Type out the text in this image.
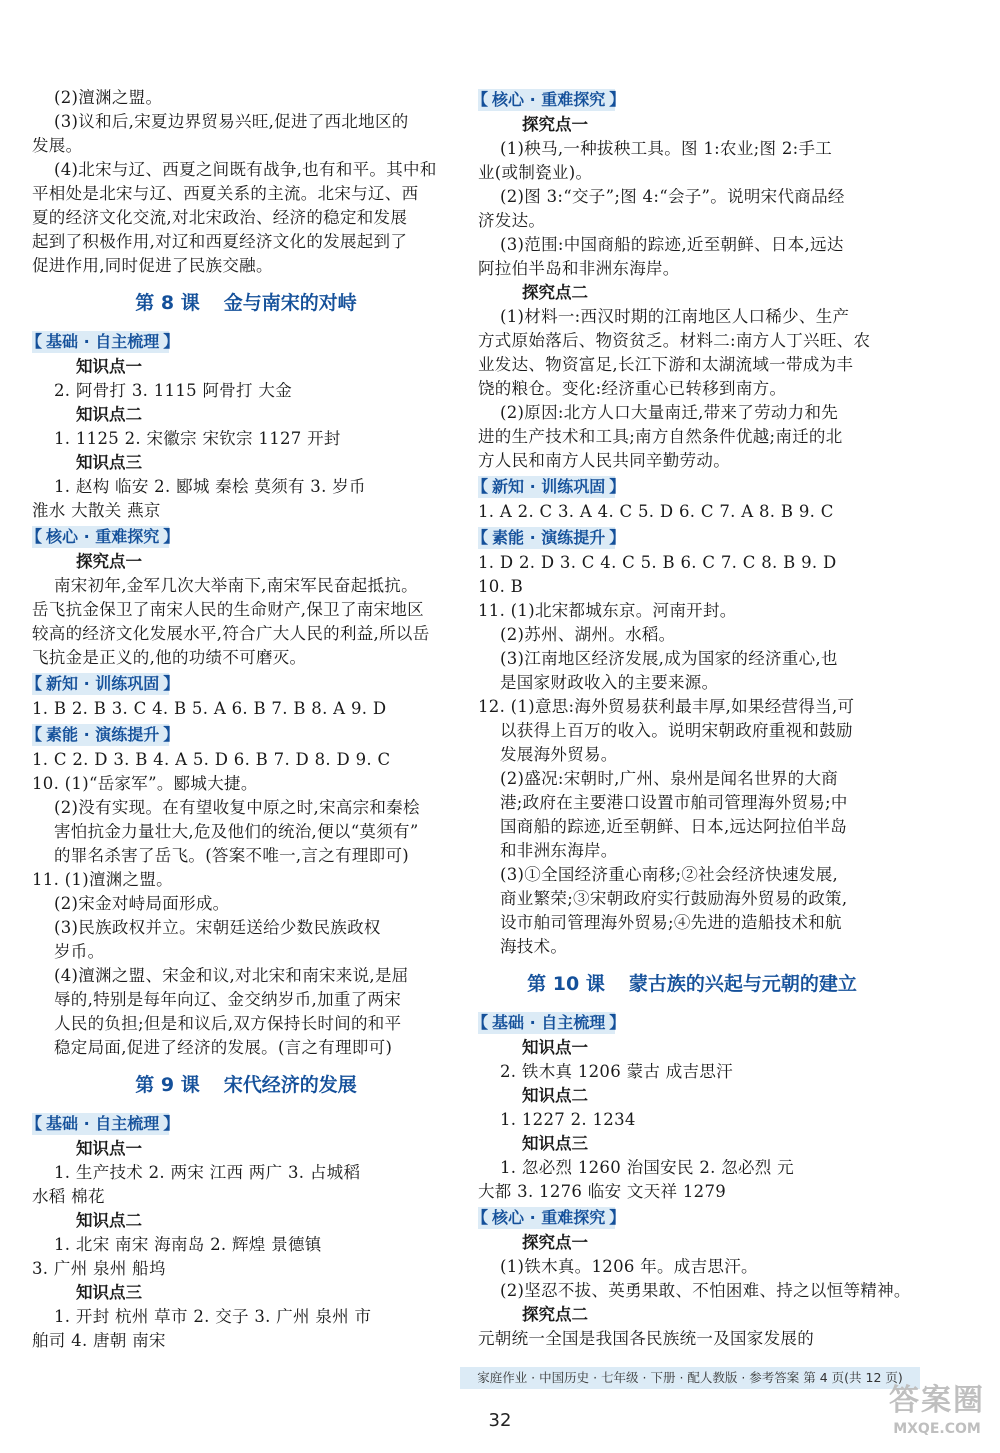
(2)澶渊之盟。
(3)议和后,宋夏边界贸易兴旺,促进了西北地区的
发展。
(4)北宋与辽、西夏之间既有战争,也有和平。其中和
平相处是北宋与辽、西夏关系的主流。北宋与辽、西
夏的经济文化交流,对北宋政治、经济的稳定和发展
起到了积极作用,对辽和西夏经济文化的发展起到了
促进作用,同时促进了民族交融。
第 8 课 金与南宋的对峙
【 基础 · 自主梳理 】
知识点一
2. 阿骨打 3. 1115 阿骨打 大金
知识点二
1. 1125 2. 宋徽宗 宋钦宗 1127 开封
知识点三
1. 赵构 临安 2. 郾城 秦桧 莫须有 3. 岁币
淮水 大散关 燕京
【 核心 · 重难探究 】
探究点一
南宋初年,金军几次大举南下,南宋军民奋起抵抗。
岳飞抗金保卫了南宋人民的生命财产,保卫了南宋地区
较高的经济文化发展水平,符合广大人民的利益,所以岳
飞抗金是正义的,他的功绩不可磨灭。
【 新知 · 训练巩固 】
1. B 2. B 3. C 4. B 5. A 6. B 7. B 8. A 9. D
【 素能 · 演练提升 】
1. C 2. D 3. B 4. A 5. D 6. B 7. D 8. D 9. C
10. (1)“岳家军”。郾城大捷。
(2)没有实现。在有望收复中原之时,宋高宗和秦桧
害怕抗金力量壮大,危及他们的统治,便以“莫须有”
的罪名杀害了岳飞。(答案不唯一,言之有理即可)
11. (1)澶渊之盟。
(2)宋金对峙局面形成。
(3)民族政权并立。宋朝廷送给少数民族政权
岁币。
(4)澶渊之盟、宋金和议,对北宋和南宋来说,是屈
辱的,特别是每年向辽、金交纳岁币,加重了两宋
人民的负担;但是和议后,双方保持长时间的和平
稳定局面,促进了经济的发展。(言之有理即可)
第 9 课 宋代经济的发展
【 基础 · 自主梳理 】
知识点一
1. 生产技术 2. 两宋 江西 两广 3. 占城稻
水稻 棉花
知识点二
1. 北宋 南宋 海南岛 2. 辉煌 景德镇
3. 广州 泉州 船坞
知识点三
1. 开封 杭州 草市 2. 交子 3. 广州 泉州 市
舶司 4. 唐朝 南宋
【 核心 · 重难探究 】
探究点一
(1)秧马,一种拔秧工具。图 1:农业;图 2:手工
业(或制瓷业)。
(2)图 3:“交子”;图 4:“会子”。说明宋代商品经
济发达。
(3)范围:中国商船的踪迹,近至朝鲜、日本,远达
阿拉伯半岛和非洲东海岸。
探究点二
(1)材料一:西汉时期的江南地区人口稀少、生产
方式原始落后、物资贫乏。材料二:南方人丁兴旺、农
业发达、物资富足,长江下游和太湖流域一带成为丰
饶的粮仓。变化:经济重心已转移到南方。
(2)原因:北方人口大量南迁,带来了劳动力和先
进的生产技术和工具;南方自然条件优越;南迁的北
方人民和南方人民共同辛勤劳动。
【 新知 · 训练巩固 】
1. A 2. C 3. A 4. C 5. D 6. C 7. A 8. B 9. C
【 素能 · 演练提升 】
1. D 2. D 3. C 4. C 5. B 6. C 7. C 8. B 9. D
10. B
11. (1)北宋都城东京。河南开封。
(2)苏州、湖州。水稻。
(3)江南地区经济发展,成为国家的经济重心,也
是国家财政收入的主要来源。
12. (1)意思:海外贸易获利最丰厚,如果经营得当,可
以获得上百万的收入。说明宋朝政府重视和鼓励
发展海外贸易。
(2)盛况:宋朝时,广州、泉州是闻名世界的大商
港;政府在主要港口设置市舶司管理海外贸易;中
国商船的踪迹,近至朝鲜、日本,远达阿拉伯半岛
和非洲东海岸。
(3)①全国经济重心南移;②社会经济快速发展,
商业繁荣;③宋朝政府实行鼓励海外贸易的政策,
设市舶司管理海外贸易;④先进的造船技术和航
海技术。
第 10 课 蒙古族的兴起与元朝的建立
【 基础 · 自主梳理 】
知识点一
2. 铁木真 1206 蒙古 成吉思汗
知识点二
1. 1227 2. 1234
知识点三
1. 忽必烈 1260 治国安民 2. 忽必烈 元
大都 3. 1276 临安 文天祥 1279
【 核心 · 重难探究 】
探究点一
(1)铁木真。1206 年。成吉思汗。
(2)坚忍不拔、英勇果敢、不怕困难、持之以恒等精神。
探究点二
元朝统一全国是我国各民族统一及国家发展的
家庭作业 · 中国历史 · 七年级 · 下册 · 配人教版 · 参考答案 第 4 页(共 12 页)
32
答案圈
MXQE.COM
